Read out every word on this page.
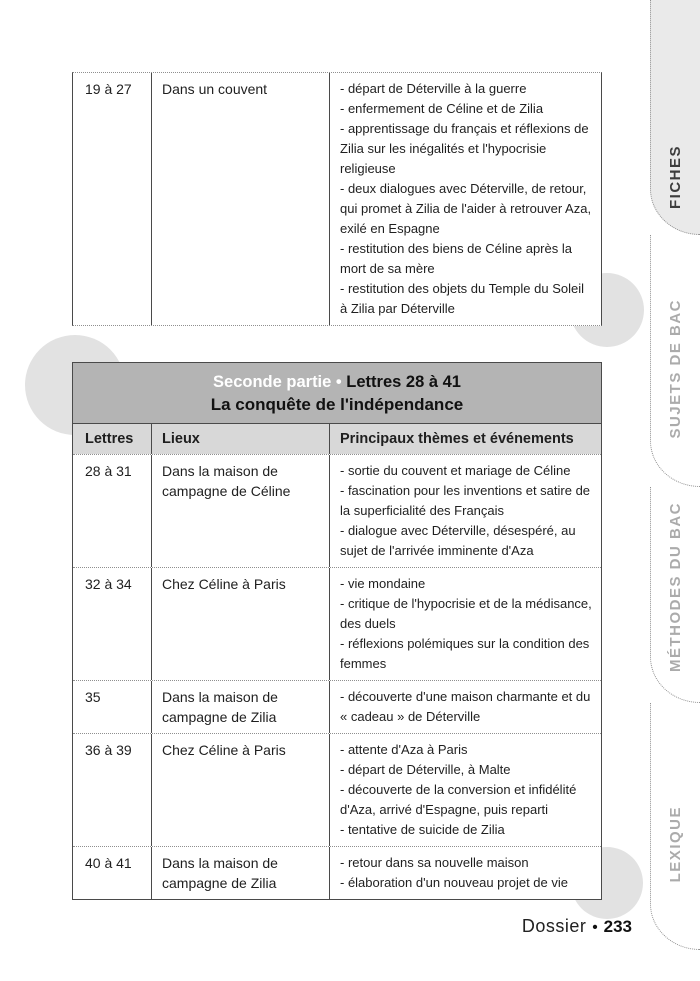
FICHES
SUJETS DE BAC
MÉTHODES DU BAC
LEXIQUE
19 à 27	Dans un couvent	- départ de Déterville à la guerre
- enfermement de Céline et de Zilia
- apprentissage du français et réflexions de Zilia sur les inégalités et l'hypocrisie religieuse
- deux dialogues avec Déterville, de retour, qui promet à Zilia de l'aider à retrouver Aza, exilé en Espagne
- restitution des biens de Céline après la mort de sa mère
- restitution des objets du Temple du Soleil à Zilia par Déterville
Seconde partie • Lettres 28 à 41
La conquête de l'indépendance
Lettres	Lieux	Principaux thèmes et événements
28 à 31	Dans la maison de campagne de Céline
- sortie du couvent et mariage de Céline
- fascination pour les inventions et satire de la superficialité des Français
- dialogue avec Déterville, désespéré, au sujet de l'arrivée imminente d'Aza
32 à 34	Chez Céline à Paris	- vie mondaine
- critique de l'hypocrisie et de la médisance, des duels
- réflexions polémiques sur la condition des femmes
35	Dans la maison de campagne de Zilia
- découverte d'une maison charmante et du « cadeau » de Déterville
36 à 39	Chez Céline à Paris	- attente d'Aza à Paris
- départ de Déterville, à Malte
- découverte de la conversion et infidélité d'Aza, arrivé d'Espagne, puis reparti
- tentative de suicide de Zilia
40 à 41	Dans la maison de campagne de Zilia
- retour dans sa nouvelle maison
- élaboration d'un nouveau projet de vie
Dossier • 233
